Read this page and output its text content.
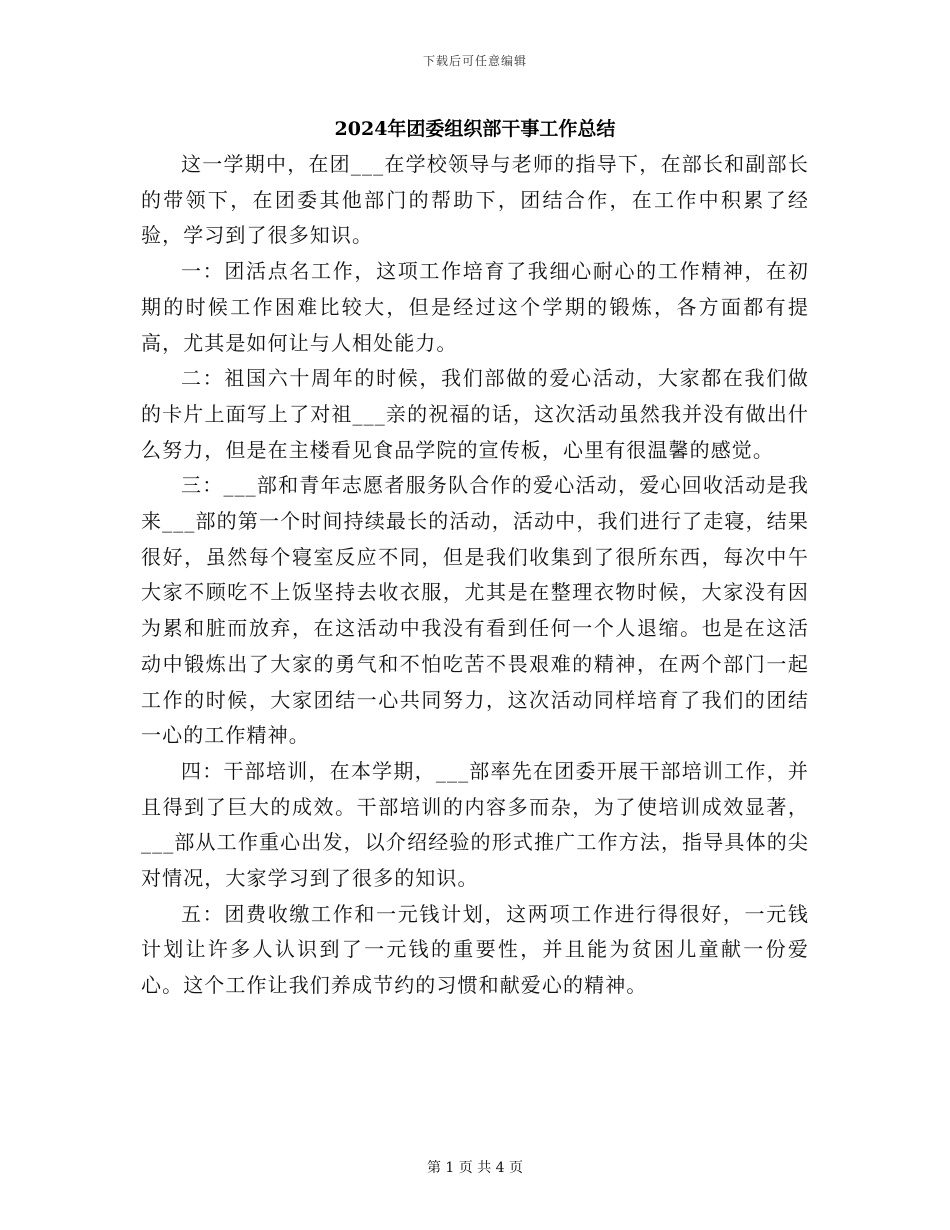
下载后可任意编辑
2024年团委组织部干事工作总结

这一学期中，在团___在学校领导与老师的指导下，在部长和副部长的带领下，在团委其他部门的帮助下，团结合作，在工作中积累了经验，学习到了很多知识。

一：团活点名工作，这项工作培育了我细心耐心的工作精神，在初期的时候工作困难比较大，但是经过这个学期的锻炼，各方面都有提高，尤其是如何让与人相处能力。

二：祖国六十周年的时候，我们部做的爱心活动，大家都在我们做的卡片上面写上了对祖___亲的祝福的话，这次活动虽然我并没有做出什么努力，但是在主楼看见食品学院的宣传板，心里有很温馨的感觉。

三：___部和青年志愿者服务队合作的爱心活动，爱心回收活动是我来___部的第一个时间持续最长的活动，活动中，我们进行了走寝，结果很好，虽然每个寝室反应不同，但是我们收集到了很所东西，每次中午大家不顾吃不上饭坚持去收衣服，尤其是在整理衣物时候，大家没有因为累和脏而放弃，在这活动中我没有看到任何一个人退缩。也是在这活动中锻炼出了大家的勇气和不怕吃苦不畏艰难的精神，在两个部门一起工作的时候，大家团结一心共同努力，这次活动同样培育了我们的团结一心的工作精神。

四：干部培训，在本学期，___部率先在团委开展干部培训工作，并且得到了巨大的成效。干部培训的内容多而杂，为了使培训成效显著，___部从工作重心出发，以介绍经验的形式推广工作方法，指导具体的尖对情况，大家学习到了很多的知识。

五：团费收缴工作和一元钱计划，这两项工作进行得很好，一元钱计划让许多人认识到了一元钱的重要性，并且能为贫困儿童献一份爱心。这个工作让我们养成节约的习惯和献爱心的精神。

第 1 页 共 4 页
